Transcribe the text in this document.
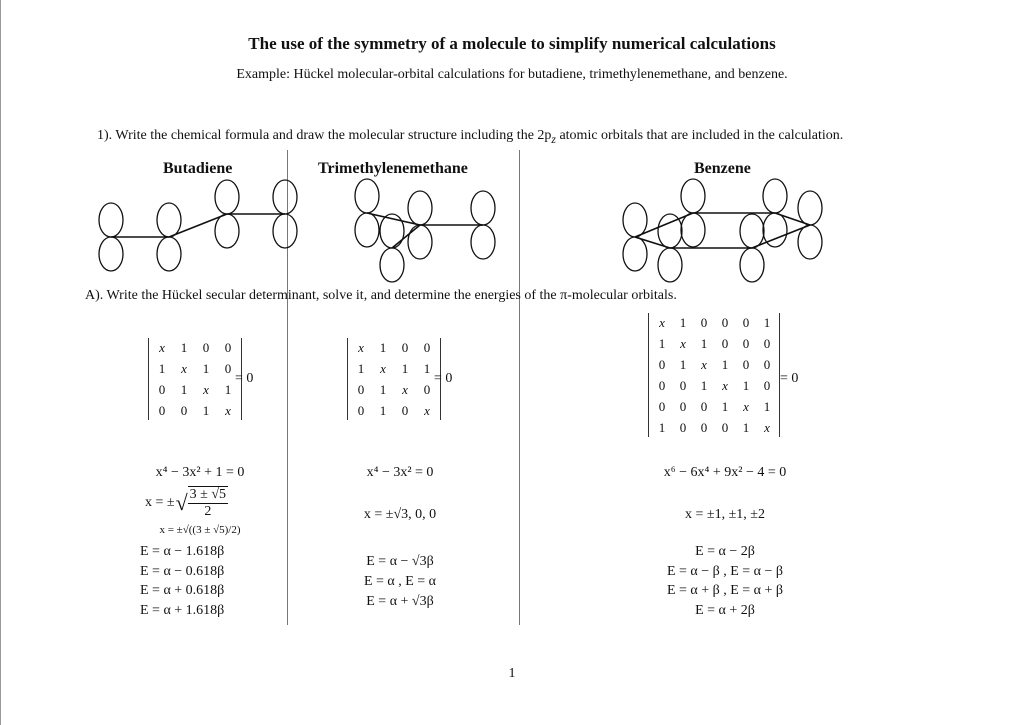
The use of the symmetry of a molecule to simplify numerical calculations
Example: Hückel molecular-orbital calculations for butadiene, trimethylenemethane, and benzene.
1). Write the chemical formula and draw the molecular structure including the $2p_z$ atomic orbitals that are included in the calculation.
Butadiene	Trimethylenemethane	Benzene
A). Write the Hückel secular determinant, solve it, and determine the energies of the π-molecular orbitals.
x	1	0	0
1	x	1	0
0	1	x	1
0	0	1	x
= 0
x	1	0	0
1	x	1	1
0	1	x	0
0	1	0	x
= 0
x	1	0	0	0	1
1	x	1	0	0	0
0	1	x	1	0	0
0	0	1	x	1	0
0	0	0	1	x	1
1	0	0	0	1	x
= 0
x⁴ − 3x² + 1 = 0	x⁴ − 3x² = 0	x⁶ − 6x⁴ + 9x² − 4 = 0
x = ± √ $\frac{3 \pm √5}{2}$
x = ±√((3 ± √5)/2)
x = ±√3, 0, 0	x = ±1, ±1, ±2
E = α − 1.618β
E = α − 0.618β
E = α + 0.618β
E = α + 1.618β
E = α − √3β
E = α , E = α
E = α + √3β
E = α − 2β
E = α − β , E = α − β
E = α + β , E = α + β
E = α + 2β
1
